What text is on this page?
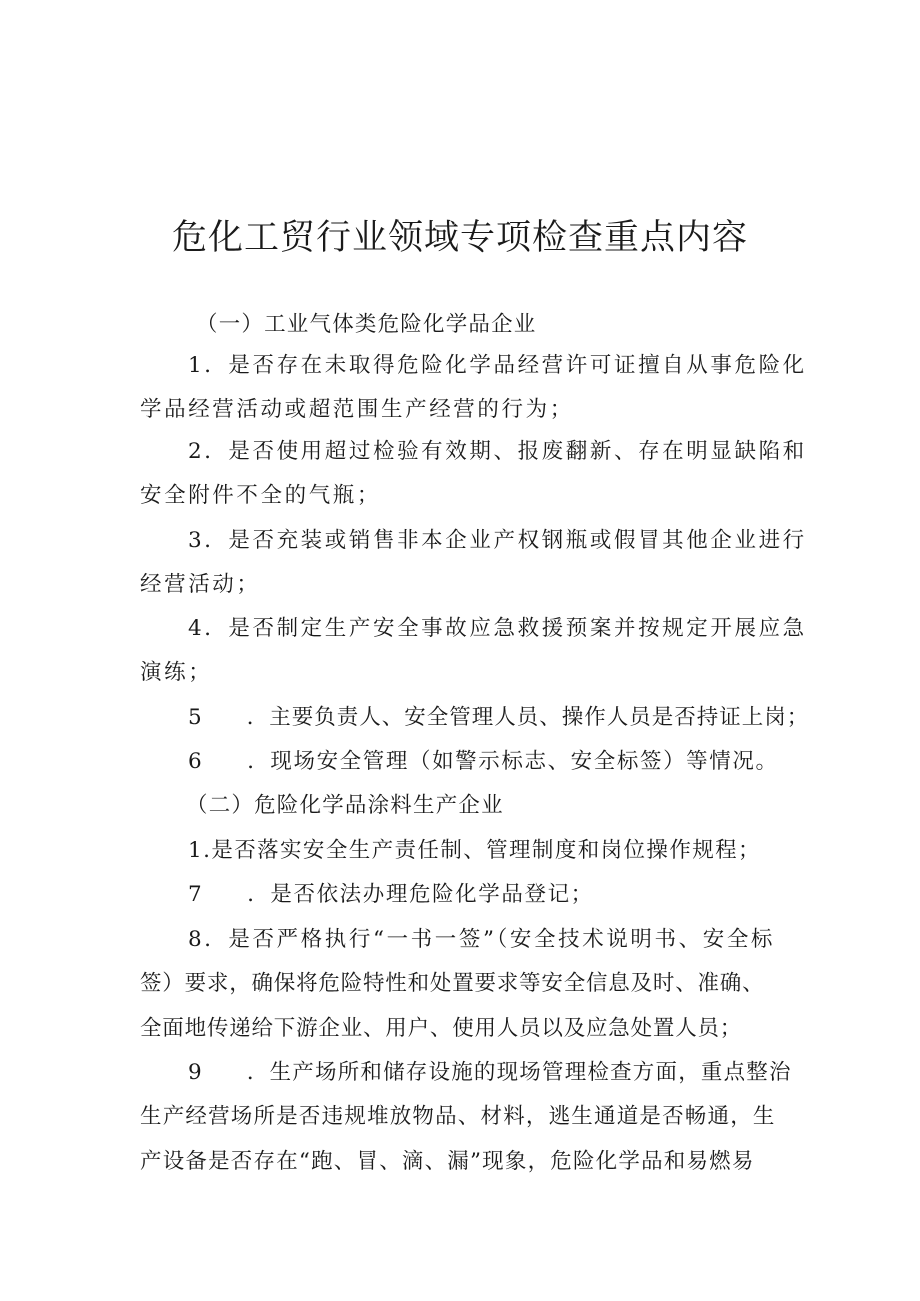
危化工贸行业领域专项检查重点内容
（一）工业气体类危险化学品企业
1．是否存在未取得危险化学品经营许可证擅自从事危险化
学品经营活动或超范围生产经营的行为；
2．是否使用超过检验有效期、报废翻新、存在明显缺陷和
安全附件不全的气瓶；
3．是否充装或销售非本企业产权钢瓶或假冒其他企业进行
经营活动；
4．是否制定生产安全事故应急救援预案并按规定开展应急
演练；
5 ．主要负责人、安全管理人员、操作人员是否持证上岗；
6 ．现场安全管理（如警示标志、安全标签）等情况。
（二）危险化学品涂料生产企业
1.是否落实安全生产责任制、管理制度和岗位操作规程；
7 ．是否依法办理危险化学品登记；
8．是否严格执行“一书一签”（安全技术说明书、安全标
签）要求，确保将危险特性和处置要求等安全信息及时、准确、
全面地传递给下游企业、用户、使用人员以及应急处置人员；
9 ．生产场所和储存设施的现场管理检查方面，重点整治
生产经营场所是否违规堆放物品、材料，逃生通道是否畅通，生
产设备是否存在“跑、冒、滴、漏”现象，危险化学品和易燃易
